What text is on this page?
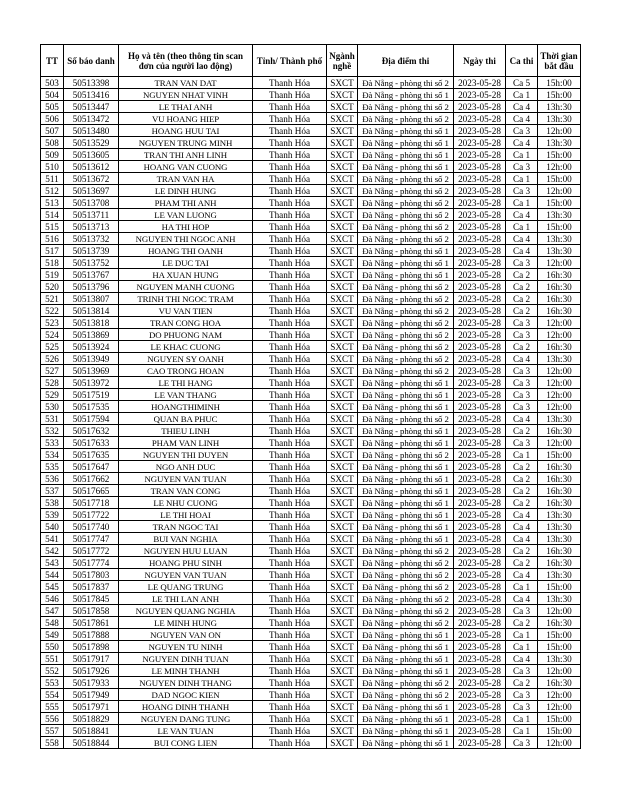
TT	Số báo danh	Họ và tên (theo thông tin scan đơn của người lao động)	Tỉnh/ Thành phố	Ngành nghề	Địa điểm thi	Ngày thi	Ca thi	Thời gian bắt đầu
503	50513398	TRAN VAN DAT	Thanh Hóa	SXCT	Đà Nẵng - phòng thi số 2	2023-05-28	Ca 5	15h:00
504	50513416	NGUYEN NHAT VINH	Thanh Hóa	SXCT	Đà Nẵng - phòng thi số 1	2023-05-28	Ca 1	15h:00
505	50513447	LE THAI ANH	Thanh Hóa	SXCT	Đà Nẵng - phòng thi số 2	2023-05-28	Ca 4	13h:30
506	50513472	VU HOANG HIEP	Thanh Hóa	SXCT	Đà Nẵng - phòng thi số 2	2023-05-28	Ca 4	13h:30
507	50513480	HOANG HUU TAI	Thanh Hóa	SXCT	Đà Nẵng - phòng thi số 1	2023-05-28	Ca 3	12h:00
508	50513529	NGUYEN TRUNG MINH	Thanh Hóa	SXCT	Đà Nẵng - phòng thi số 1	2023-05-28	Ca 4	13h:30
509	50513605	TRAN THI ANH LINH	Thanh Hóa	SXCT	Đà Nẵng - phòng thi số 1	2023-05-28	Ca 1	15h:00
510	50513612	HOANG VAN CUONG	Thanh Hóa	SXCT	Đà Nẵng - phòng thi số 1	2023-05-28	Ca 3	12h:00
511	50513672	TRAN VAN HA	Thanh Hóa	SXCT	Đà Nẵng - phòng thi số 2	2023-05-28	Ca 1	15h:00
512	50513697	LE DINH HUNG	Thanh Hóa	SXCT	Đà Nẵng - phòng thi số 2	2023-05-28	Ca 3	12h:00
513	50513708	PHAM THI ANH	Thanh Hóa	SXCT	Đà Nẵng - phòng thi số 2	2023-05-28	Ca 1	15h:00
514	50513711	LE VAN LUONG	Thanh Hóa	SXCT	Đà Nẵng - phòng thi số 2	2023-05-28	Ca 4	13h:30
515	50513713	HA THI HOP	Thanh Hóa	SXCT	Đà Nẵng - phòng thi số 2	2023-05-28	Ca 1	15h:00
516	50513732	NGUYEN THI NGOC ANH	Thanh Hóa	SXCT	Đà Nẵng - phòng thi số 2	2023-05-28	Ca 4	13h:30
517	50513739	HOANG THI OANH	Thanh Hóa	SXCT	Đà Nẵng - phòng thi số 1	2023-05-28	Ca 4	13h:30
518	50513752	LE DUC TAI	Thanh Hóa	SXCT	Đà Nẵng - phòng thi số 1	2023-05-28	Ca 3	12h:00
519	50513767	HA XUAN HUNG	Thanh Hóa	SXCT	Đà Nẵng - phòng thi số 1	2023-05-28	Ca 2	16h:30
520	50513796	NGUYEN MANH CUONG	Thanh Hóa	SXCT	Đà Nẵng - phòng thi số 2	2023-05-28	Ca 2	16h:30
521	50513807	TRINH THI NGOC TRAM	Thanh Hóa	SXCT	Đà Nẵng - phòng thi số 2	2023-05-28	Ca 2	16h:30
522	50513814	VU VAN TIEN	Thanh Hóa	SXCT	Đà Nẵng - phòng thi số 2	2023-05-28	Ca 2	16h:30
523	50513818	TRAN CONG HOA	Thanh Hóa	SXCT	Đà Nẵng - phòng thi số 2	2023-05-28	Ca 3	12h:00
524	50513869	DO PHUONG NAM	Thanh Hóa	SXCT	Đà Nẵng - phòng thi số 2	2023-05-28	Ca 3	12h:00
525	50513924	LE KHAC CUONG	Thanh Hóa	SXCT	Đà Nẵng - phòng thi số 2	2023-05-28	Ca 2	16h:30
526	50513949	NGUYEN SY OANH	Thanh Hóa	SXCT	Đà Nẵng - phòng thi số 2	2023-05-28	Ca 4	13h:30
527	50513969	CAO TRONG HOAN	Thanh Hóa	SXCT	Đà Nẵng - phòng thi số 2	2023-05-28	Ca 3	12h:00
528	50513972	LE THI HANG	Thanh Hóa	SXCT	Đà Nẵng - phòng thi số 1	2023-05-28	Ca 3	12h:00
529	50517519	LE VAN THANG	Thanh Hóa	SXCT	Đà Nẵng - phòng thi số 1	2023-05-28	Ca 3	12h:00
530	50517535	HOANGTHIMINH	Thanh Hóa	SXCT	Đà Nẵng - phòng thi số 1	2023-05-28	Ca 3	12h:00
531	50517594	QUAN BA PHUC	Thanh Hóa	SXCT	Đà Nẵng - phòng thi số 2	2023-05-28	Ca 4	13h:30
532	50517632	THIEU LINH	Thanh Hóa	SXCT	Đà Nẵng - phòng thi số 1	2023-05-28	Ca 2	16h:30
533	50517633	PHAM VAN LINH	Thanh Hóa	SXCT	Đà Nẵng - phòng thi số 1	2023-05-28	Ca 3	12h:00
534	50517635	NGUYEN THI DUYEN	Thanh Hóa	SXCT	Đà Nẵng - phòng thi số 2	2023-05-28	Ca 1	15h:00
535	50517647	NGO ANH DUC	Thanh Hóa	SXCT	Đà Nẵng - phòng thi số 1	2023-05-28	Ca 2	16h:30
536	50517662	NGUYEN VAN TUAN	Thanh Hóa	SXCT	Đà Nẵng - phòng thi số 1	2023-05-28	Ca 2	16h:30
537	50517665	TRAN VAN CONG	Thanh Hóa	SXCT	Đà Nẵng - phòng thi số 1	2023-05-28	Ca 2	16h:30
538	50517718	LE NHU CUONG	Thanh Hóa	SXCT	Đà Nẵng - phòng thi số 1	2023-05-28	Ca 2	16h:30
539	50517722	LE THI HOAI	Thanh Hóa	SXCT	Đà Nẵng - phòng thi số 1	2023-05-28	Ca 4	13h:30
540	50517740	TRAN NGOC TAI	Thanh Hóa	SXCT	Đà Nẵng - phòng thi số 1	2023-05-28	Ca 4	13h:30
541	50517747	BUI VAN NGHIA	Thanh Hóa	SXCT	Đà Nẵng - phòng thi số 1	2023-05-28	Ca 4	13h:30
542	50517772	NGUYEN HUU LUAN	Thanh Hóa	SXCT	Đà Nẵng - phòng thi số 2	2023-05-28	Ca 2	16h:30
543	50517774	HOANG PHU SINH	Thanh Hóa	SXCT	Đà Nẵng - phòng thi số 2	2023-05-28	Ca 2	16h:30
544	50517803	NGUYEN VAN TUAN	Thanh Hóa	SXCT	Đà Nẵng - phòng thi số 2	2023-05-28	Ca 4	13h:30
545	50517837	LE QUANG TRUNG	Thanh Hóa	SXCT	Đà Nẵng - phòng thi số 2	2023-05-28	Ca 1	15h:00
546	50517845	LE THI LAN ANH	Thanh Hóa	SXCT	Đà Nẵng - phòng thi số 2	2023-05-28	Ca 4	13h:30
547	50517858	NGUYEN QUANG NGHIA	Thanh Hóa	SXCT	Đà Nẵng - phòng thi số 2	2023-05-28	Ca 3	12h:00
548	50517861	LE MINH HUNG	Thanh Hóa	SXCT	Đà Nẵng - phòng thi số 2	2023-05-28	Ca 2	16h:30
549	50517888	NGUYEN VAN ON	Thanh Hóa	SXCT	Đà Nẵng - phòng thi số 1	2023-05-28	Ca 1	15h:00
550	50517898	NGUYEN TU NINH	Thanh Hóa	SXCT	Đà Nẵng - phòng thi số 1	2023-05-28	Ca 1	15h:00
551	50517917	NGUYEN DINH TUAN	Thanh Hóa	SXCT	Đà Nẵng - phòng thi số 1	2023-05-28	Ca 4	13h:30
552	50517926	LE MINH THANH	Thanh Hóa	SXCT	Đà Nẵng - phòng thi số 1	2023-05-28	Ca 3	12h:00
553	50517933	NGUYEN DINH THANG	Thanh Hóa	SXCT	Đà Nẵng - phòng thi số 2	2023-05-28	Ca 2	16h:30
554	50517949	DAD NGOC KIEN	Thanh Hóa	SXCT	Đà Nẵng - phòng thi số 2	2023-05-28	Ca 3	12h:00
555	50517971	HOANG DINH THANH	Thanh Hóa	SXCT	Đà Nẵng - phòng thi số 1	2023-05-28	Ca 3	12h:00
556	50518829	NGUYEN DANG TUNG	Thanh Hóa	SXCT	Đà Nẵng - phòng thi số 1	2023-05-28	Ca 1	15h:00
557	50518841	LE VAN TUAN	Thanh Hóa	SXCT	Đà Nẵng - phòng thi số 1	2023-05-28	Ca 1	15h:00
558	50518844	BUI CONG LIEN	Thanh Hóa	SXCT	Đà Nẵng - phòng thi số 1	2023-05-28	Ca 3	12h:00
